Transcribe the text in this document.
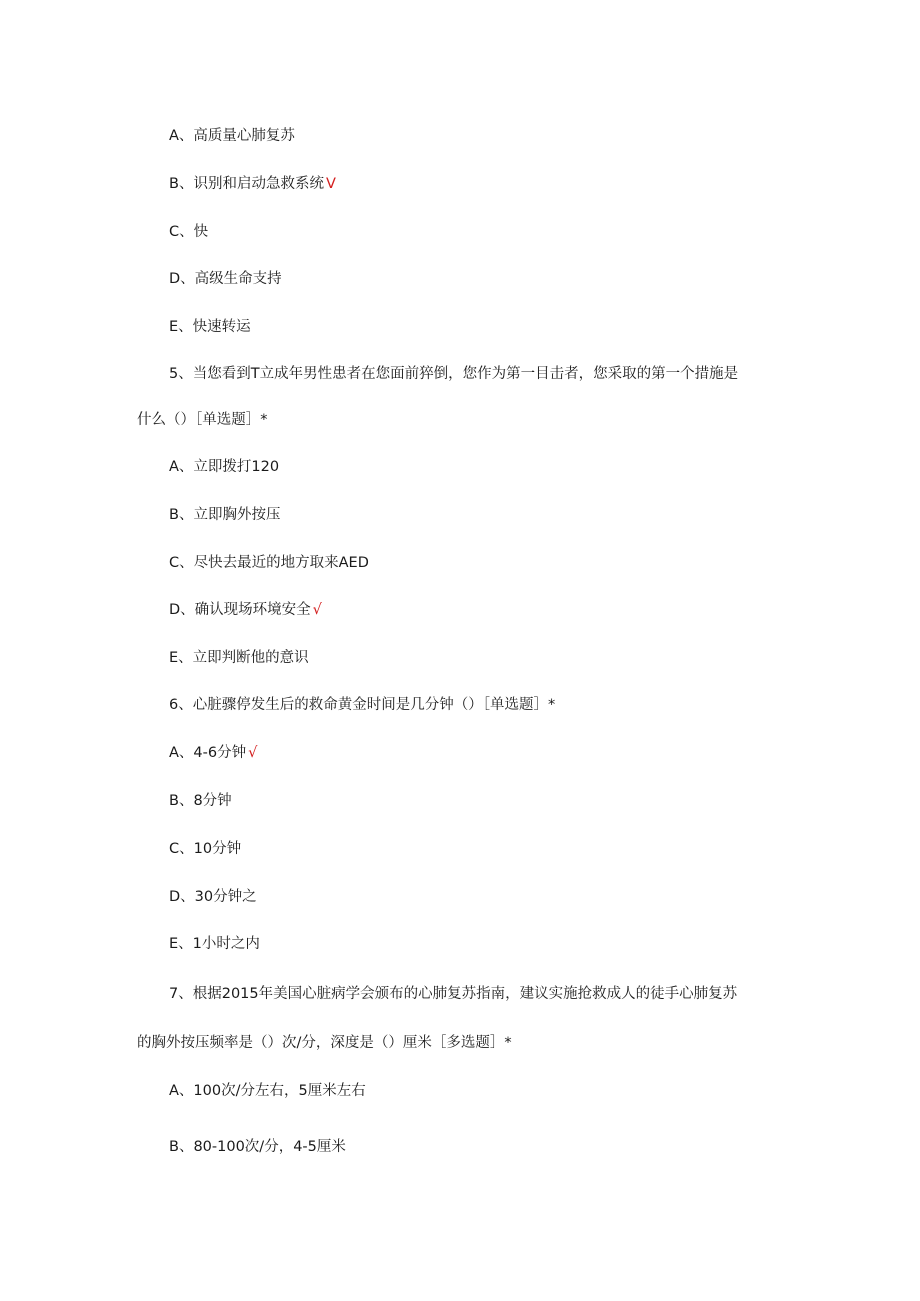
A、高质量心肺复苏
B、识别和启动急救系统 V
C、快
D、高级生命支持
E、快速转运
5、当您看到T立成年男性患者在您面前猝倒，您作为第一目击者，您采取的第一个措施是
什么（）［单选题］*
A、立即拨打120
B、立即胸外按压
C、尽快去最近的地方取来AED
D、确认现场环境安全 √
E、立即判断他的意识
6、心脏骤停发生后的救命黄金时间是几分钟（）［单选题］*
A、4-6分钟 √
B、8分钟
C、10分钟
D、30分钟之
E、1小时之内
7、根据2015年美国心脏病学会颁布的心肺复苏指南，建议实施抢救成人的徒手心肺复苏
的胸外按压频率是（）次/分，深度是（）厘米［多选题］*
A、100次/分左右，5厘米左右
B、80-100次/分，4-5厘米
